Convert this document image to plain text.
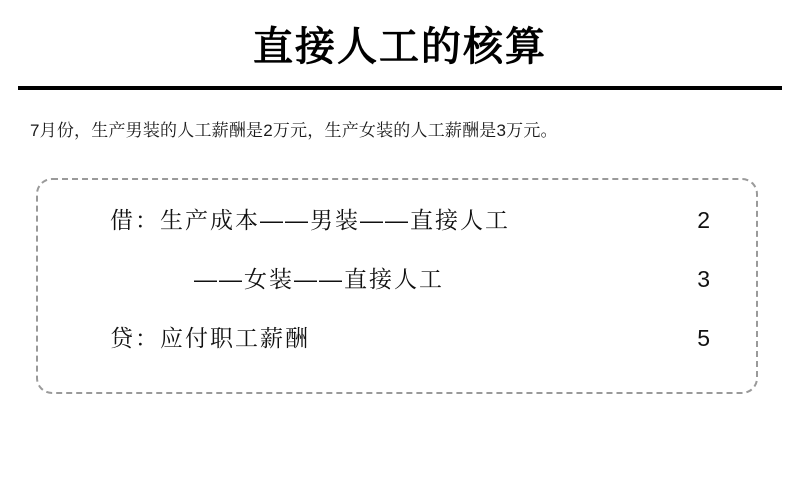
直接人工的核算
7月份，生产男装的人工薪酬是2万元，生产女装的人工薪酬是3万元。
借：生产成本——男装——直接人工	2
——女装——直接人工	3
贷：应付职工薪酬	5
